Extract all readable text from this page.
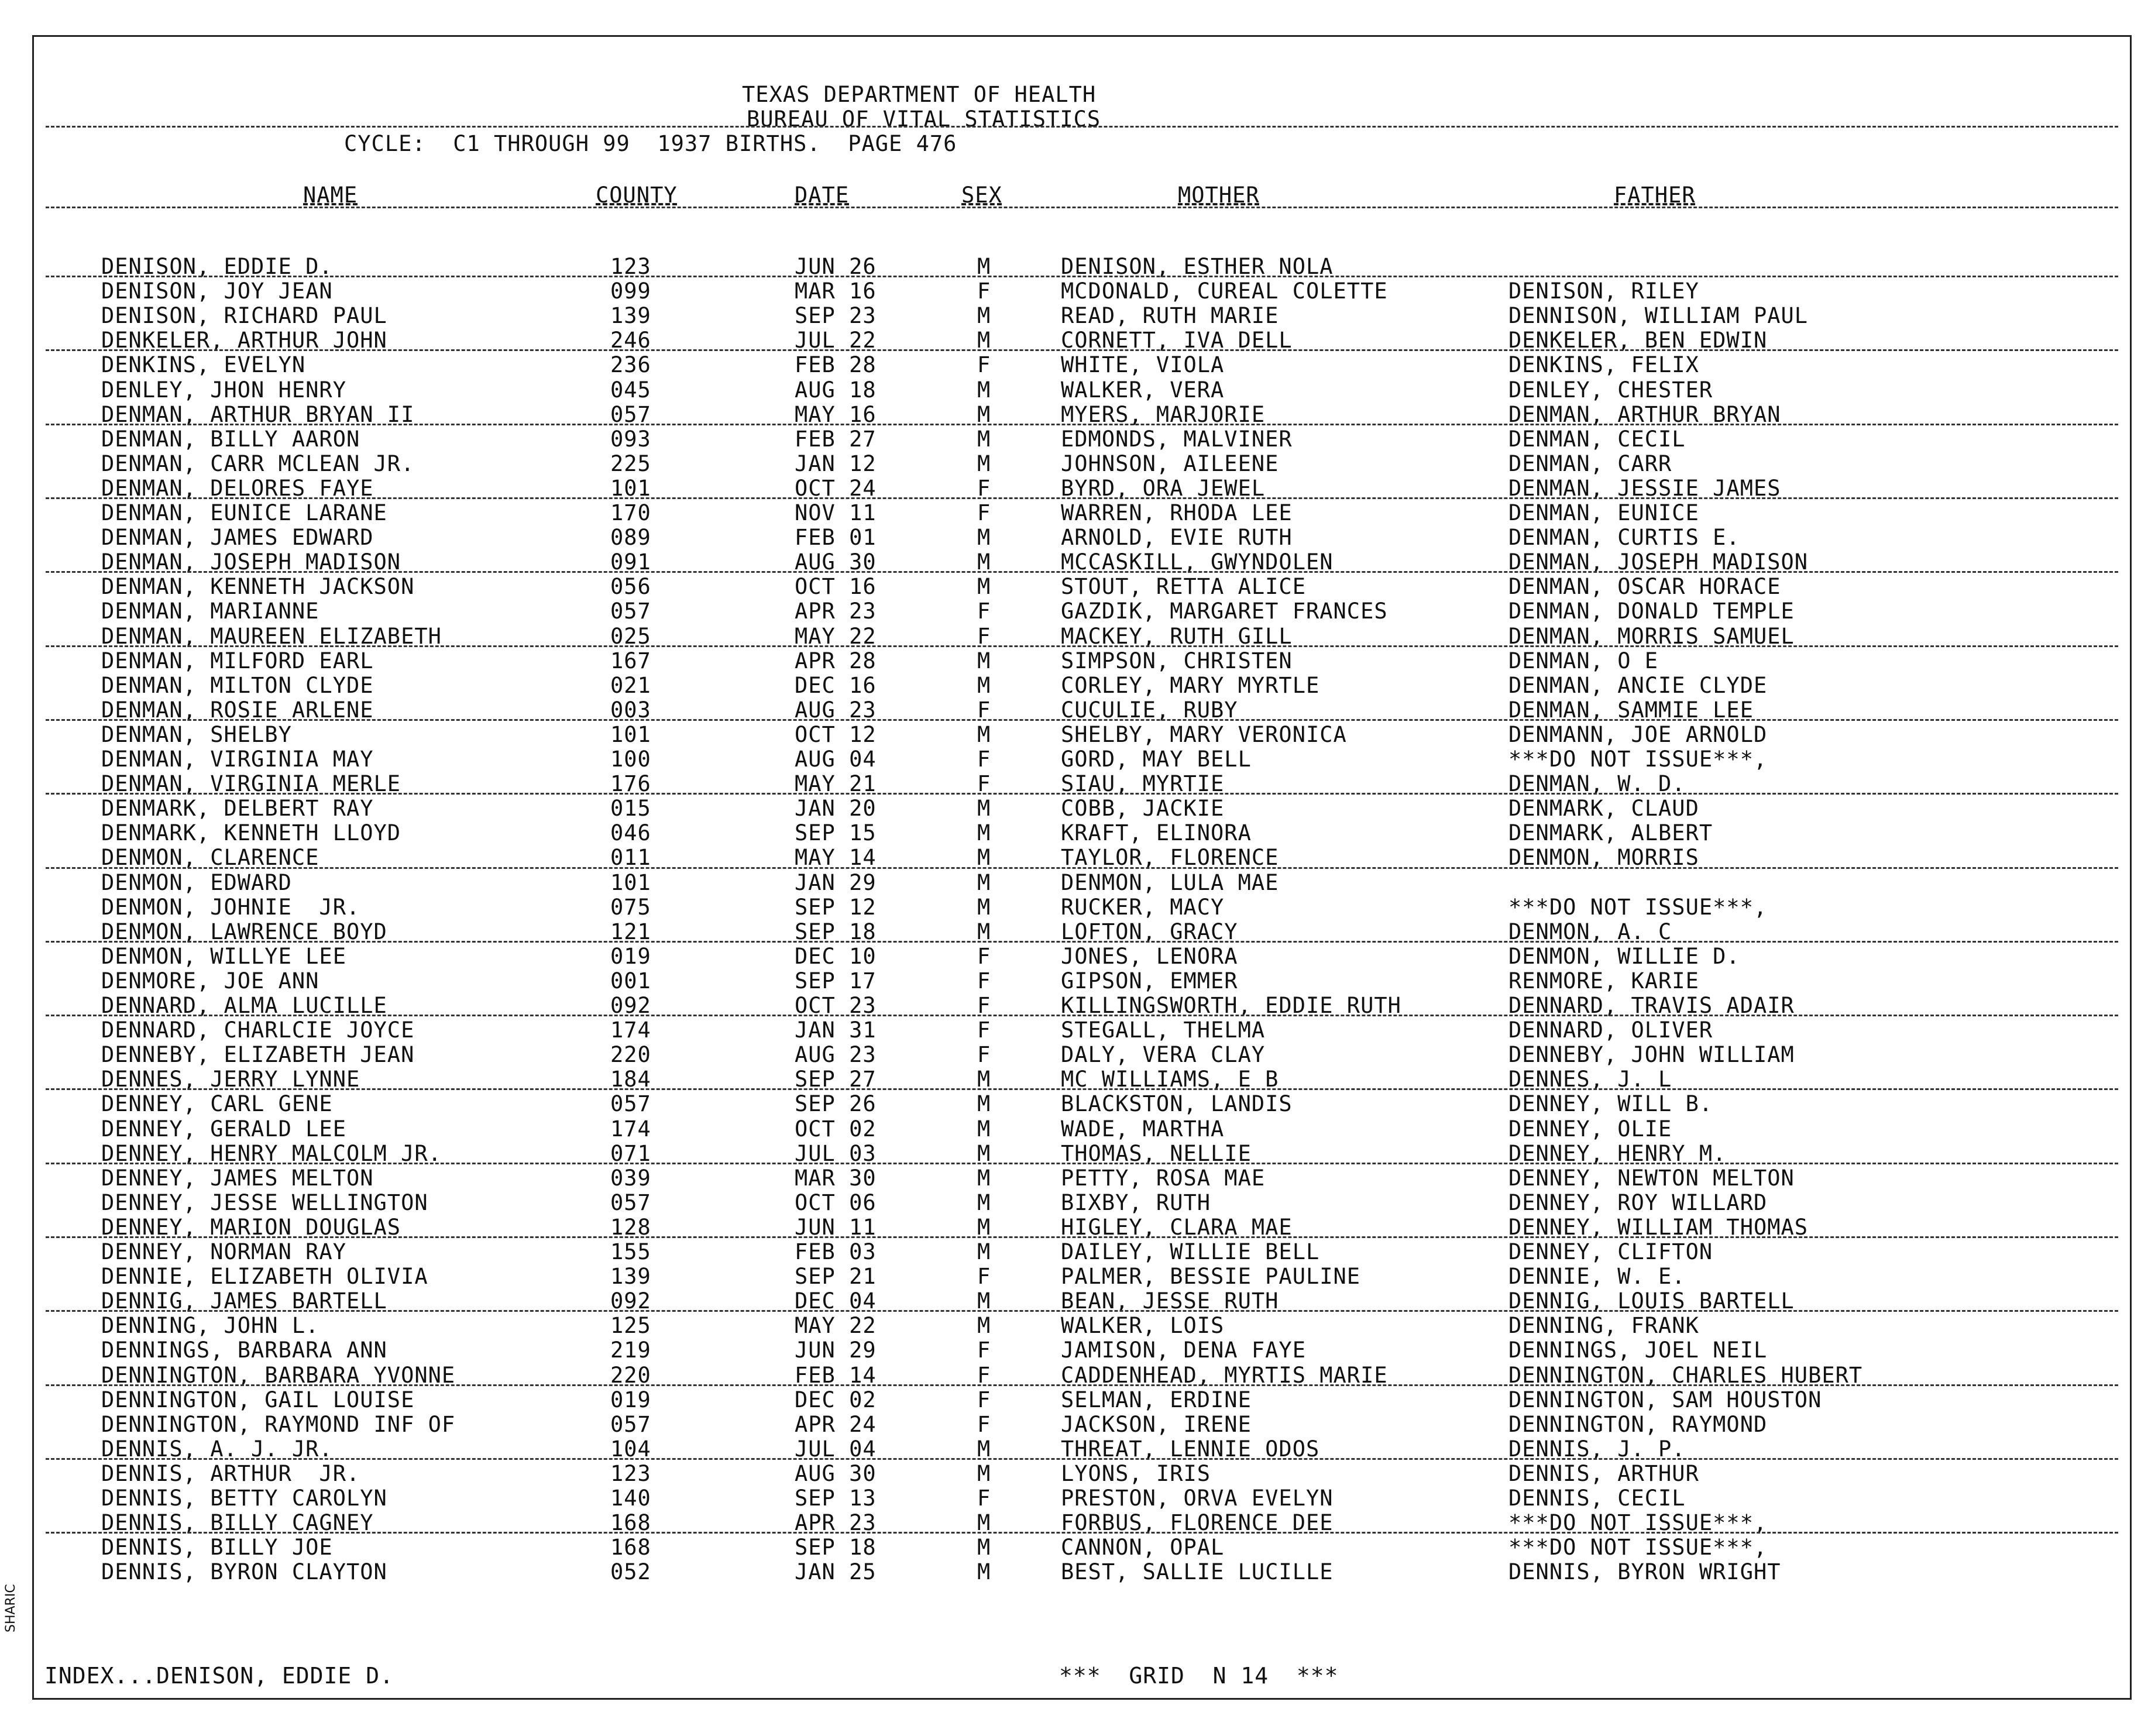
TEXAS DEPARTMENT OF HEALTH
BUREAU OF VITAL STATISTICS
CYCLE:  C1 THROUGH 99  1937 BIRTHS.  PAGE 476
NAME	COUNTY	DATE	SEX	MOTHER	FATHER
DENISON, EDDIE D.	123	JUN 26	M	DENISON, ESTHER NOLA
DENISON, JOY JEAN	099	MAR 16	F	MCDONALD, CUREAL COLETTE	DENISON, RILEY
DENISON, RICHARD PAUL	139	SEP 23	M	READ, RUTH MARIE	DENNISON, WILLIAM PAUL
DENKELER, ARTHUR JOHN	246	JUL 22	M	CORNETT, IVA DELL	DENKELER, BEN EDWIN
DENKINS, EVELYN	236	FEB 28	F	WHITE, VIOLA	DENKINS, FELIX
DENLEY, JHON HENRY	045	AUG 18	M	WALKER, VERA	DENLEY, CHESTER
DENMAN, ARTHUR BRYAN II	057	MAY 16	M	MYERS, MARJORIE	DENMAN, ARTHUR BRYAN
DENMAN, BILLY AARON	093	FEB 27	M	EDMONDS, MALVINER	DENMAN, CECIL
DENMAN, CARR MCLEAN JR.	225	JAN 12	M	JOHNSON, AILEENE	DENMAN, CARR
DENMAN, DELORES FAYE	101	OCT 24	F	BYRD, ORA JEWEL	DENMAN, JESSIE JAMES
DENMAN, EUNICE LARANE	170	NOV 11	F	WARREN, RHODA LEE	DENMAN, EUNICE
DENMAN, JAMES EDWARD	089	FEB 01	M	ARNOLD, EVIE RUTH	DENMAN, CURTIS E.
DENMAN, JOSEPH MADISON	091	AUG 30	M	MCCASKILL, GWYNDOLEN	DENMAN, JOSEPH MADISON
DENMAN, KENNETH JACKSON	056	OCT 16	M	STOUT, RETTA ALICE	DENMAN, OSCAR HORACE
DENMAN, MARIANNE	057	APR 23	F	GAZDIK, MARGARET FRANCES	DENMAN, DONALD TEMPLE
DENMAN, MAUREEN ELIZABETH	025	MAY 22	F	MACKEY, RUTH GILL	DENMAN, MORRIS SAMUEL
DENMAN, MILFORD EARL	167	APR 28	M	SIMPSON, CHRISTEN	DENMAN, O E
DENMAN, MILTON CLYDE	021	DEC 16	M	CORLEY, MARY MYRTLE	DENMAN, ANCIE CLYDE
DENMAN, ROSIE ARLENE	003	AUG 23	F	CUCULIE, RUBY	DENMAN, SAMMIE LEE
DENMAN, SHELBY	101	OCT 12	M	SHELBY, MARY VERONICA	DENMANN, JOE ARNOLD
DENMAN, VIRGINIA MAY	100	AUG 04	F	GORD, MAY BELL	***DO NOT ISSUE***,
DENMAN, VIRGINIA MERLE	176	MAY 21	F	SIAU, MYRTIE	DENMAN, W. D.
DENMARK, DELBERT RAY	015	JAN 20	M	COBB, JACKIE	DENMARK, CLAUD
DENMARK, KENNETH LLOYD	046	SEP 15	M	KRAFT, ELINORA	DENMARK, ALBERT
DENMON, CLARENCE	011	MAY 14	M	TAYLOR, FLORENCE	DENMON, MORRIS
DENMON, EDWARD	101	JAN 29	M	DENMON, LULA MAE
DENMON, JOHNIE  JR.	075	SEP 12	M	RUCKER, MACY	***DO NOT ISSUE***,
DENMON, LAWRENCE BOYD	121	SEP 18	M	LOFTON, GRACY	DENMON, A. C
DENMON, WILLYE LEE	019	DEC 10	F	JONES, LENORA	DENMON, WILLIE D.
DENMORE, JOE ANN	001	SEP 17	F	GIPSON, EMMER	RENMORE, KARIE
DENNARD, ALMA LUCILLE	092	OCT 23	F	KILLINGSWORTH, EDDIE RUTH	DENNARD, TRAVIS ADAIR
DENNARD, CHARLCIE JOYCE	174	JAN 31	F	STEGALL, THELMA	DENNARD, OLIVER
DENNEBY, ELIZABETH JEAN	220	AUG 23	F	DALY, VERA CLAY	DENNEBY, JOHN WILLIAM
DENNES, JERRY LYNNE	184	SEP 27	M	MC WILLIAMS, E B	DENNES, J. L
DENNEY, CARL GENE	057	SEP 26	M	BLACKSTON, LANDIS	DENNEY, WILL B.
DENNEY, GERALD LEE	174	OCT 02	M	WADE, MARTHA	DENNEY, OLIE
DENNEY, HENRY MALCOLM JR.	071	JUL 03	M	THOMAS, NELLIE	DENNEY, HENRY M.
DENNEY, JAMES MELTON	039	MAR 30	M	PETTY, ROSA MAE	DENNEY, NEWTON MELTON
DENNEY, JESSE WELLINGTON	057	OCT 06	M	BIXBY, RUTH	DENNEY, ROY WILLARD
DENNEY, MARION DOUGLAS	128	JUN 11	M	HIGLEY, CLARA MAE	DENNEY, WILLIAM THOMAS
DENNEY, NORMAN RAY	155	FEB 03	M	DAILEY, WILLIE BELL	DENNEY, CLIFTON
DENNIE, ELIZABETH OLIVIA	139	SEP 21	F	PALMER, BESSIE PAULINE	DENNIE, W. E.
DENNIG, JAMES BARTELL	092	DEC 04	M	BEAN, JESSE RUTH	DENNIG, LOUIS BARTELL
DENNING, JOHN L.	125	MAY 22	M	WALKER, LOIS	DENNING, FRANK
DENNINGS, BARBARA ANN	219	JUN 29	F	JAMISON, DENA FAYE	DENNINGS, JOEL NEIL
DENNINGTON, BARBARA YVONNE	220	FEB 14	F	CADDENHEAD, MYRTIS MARIE	DENNINGTON, CHARLES HUBERT
DENNINGTON, GAIL LOUISE	019	DEC 02	F	SELMAN, ERDINE	DENNINGTON, SAM HOUSTON
DENNINGTON, RAYMOND INF OF	057	APR 24	F	JACKSON, IRENE	DENNINGTON, RAYMOND
DENNIS, A. J. JR.	104	JUL 04	M	THREAT, LENNIE ODOS	DENNIS, J. P.
DENNIS, ARTHUR  JR.	123	AUG 30	M	LYONS, IRIS	DENNIS, ARTHUR
DENNIS, BETTY CAROLYN	140	SEP 13	F	PRESTON, ORVA EVELYN	DENNIS, CECIL
DENNIS, BILLY CAGNEY	168	APR 23	M	FORBUS, FLORENCE DEE	***DO NOT ISSUE***,
DENNIS, BILLY JOE	168	SEP 18	M	CANNON, OPAL	***DO NOT ISSUE***,
DENNIS, BYRON CLAYTON	052	JAN 25	M	BEST, SALLIE LUCILLE	DENNIS, BYRON WRIGHT
INDEX...DENISON, EDDIE D.	***  GRID  N 14  ***
SHARIC
